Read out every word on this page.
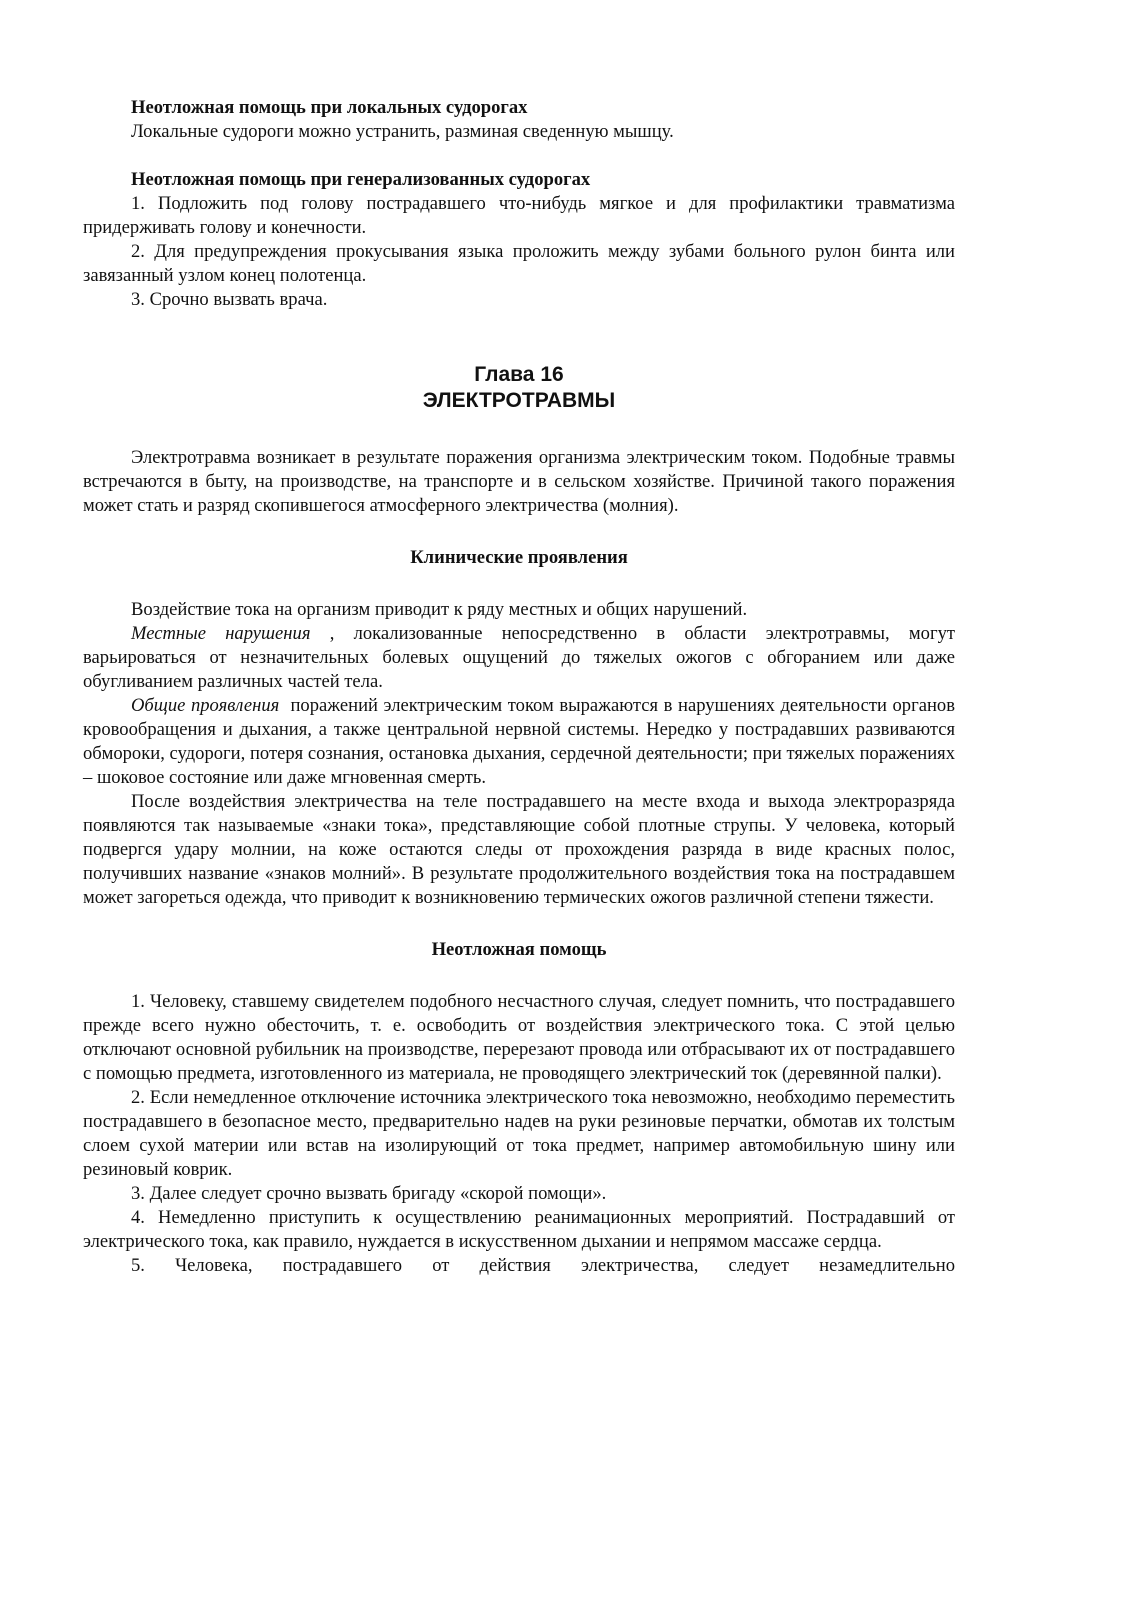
Неотложная помощь при локальных судорогах

Локальные судороги можно устранить, разминая сведенную мышцу.

Неотложная помощь при генерализованных судорогах

1. Подложить под голову пострадавшего что-нибудь мягкое и для профилактики травматизма придерживать голову и конечности.

2. Для предупреждения прокусывания языка проложить между зубами больного рулон бинта или завязанный узлом конец полотенца.

3. Срочно вызвать врача.

Глава 16
ЭЛЕКТРОТРАВМЫ

Электротравма возникает в результате поражения организма электрическим током. Подобные травмы встречаются в быту, на производстве, на транспорте и в сельском хозяйстве. Причиной такого поражения может стать и разряд скопившегося атмосферного электричества (молния).

Клинические проявления

Воздействие тока на организм приводит к ряду местных и общих нарушений.

Местные нарушения , локализованные непосредственно в области электротравмы, могут варьироваться от незначительных болевых ощущений до тяжелых ожогов с обгоранием или даже обугливанием различных частей тела.

Общие проявления  поражений электрическим током выражаются в нарушениях деятельности органов кровообращения и дыхания, а также центральной нервной системы. Нередко у пострадавших развиваются обмороки, судороги, потеря сознания, остановка дыхания, сердечной деятельности; при тяжелых поражениях – шоковое состояние или даже мгновенная смерть.

После воздействия электричества на теле пострадавшего на месте входа и выхода электроразряда появляются так называемые «знаки тока», представляющие собой плотные струпы. У человека, который подвергся удару молнии, на коже остаются следы от прохождения разряда в виде красных полос, получивших название «знаков молний». В результате продолжительного воздействия тока на пострадавшем может загореться одежда, что приводит к возникновению термических ожогов различной степени тяжести.

Неотложная помощь

1. Человеку, ставшему свидетелем подобного несчастного случая, следует помнить, что пострадавшего прежде всего нужно обесточить, т. е. освободить от воздействия электрического тока. С этой целью отключают основной рубильник на производстве, перерезают провода или отбрасывают их от пострадавшего с помощью предмета, изготовленного из материала, не проводящего электрический ток (деревянной палки).

2. Если немедленное отключение источника электрического тока невозможно, необходимо переместить пострадавшего в безопасное место, предварительно надев на руки резиновые перчатки, обмотав их толстым слоем сухой материи или встав на изолирующий от тока предмет, например автомобильную шину или резиновый коврик.

3. Далее следует срочно вызвать бригаду «скорой помощи».

4. Немедленно приступить к осуществлению реанимационных мероприятий. Пострадавший от электрического тока, как правило, нуждается в искусственном дыхании и непрямом массаже сердца.

5. Человека, пострадавшего от действия электричества, следует незамедлительно
